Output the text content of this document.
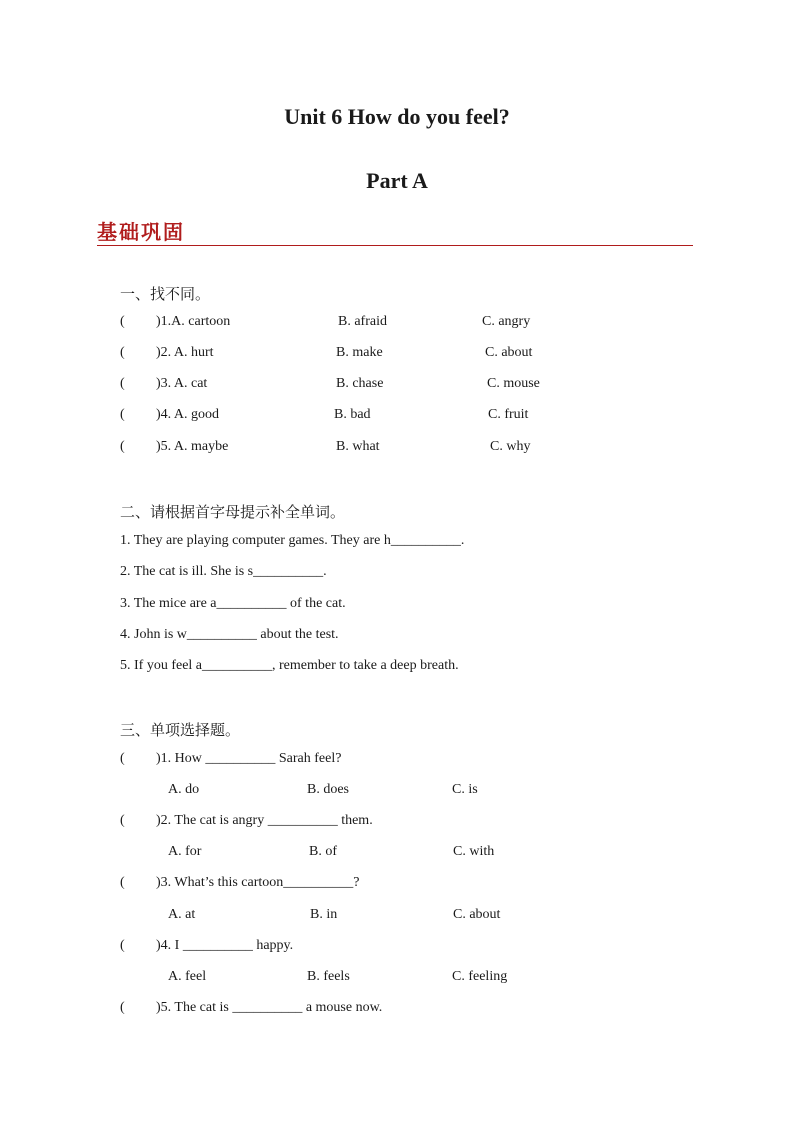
Unit 6 How do you feel?
Part A
基础巩固
一、找不同。
( )1.A. cartoon	B. afraid	C. angry
( )2. A. hurt	B. make	C. about
( )3. A. cat	B. chase	C. mouse
( )4. A. good	B. bad	C. fruit
( )5. A. maybe	B. what	C. why
二、请根据首字母提示补全单词。
1. They are playing computer games. They are h__________.
2. The cat is ill. She is s__________.
3. The mice are a__________ of the cat.
4. John is w__________ about the test.
5. If you feel a__________, remember to take a deep breath.
三、单项选择题。
( )1. How __________ Sarah feel?
A. do	B. does	C. is
( )2. The cat is angry __________ them.
A. for	B. of	C. with
( )3. What’s this cartoon__________?
A. at	B. in	C. about
( )4. I __________ happy.
A. feel	B. feels	C. feeling
( )5. The cat is __________ a mouse now.
